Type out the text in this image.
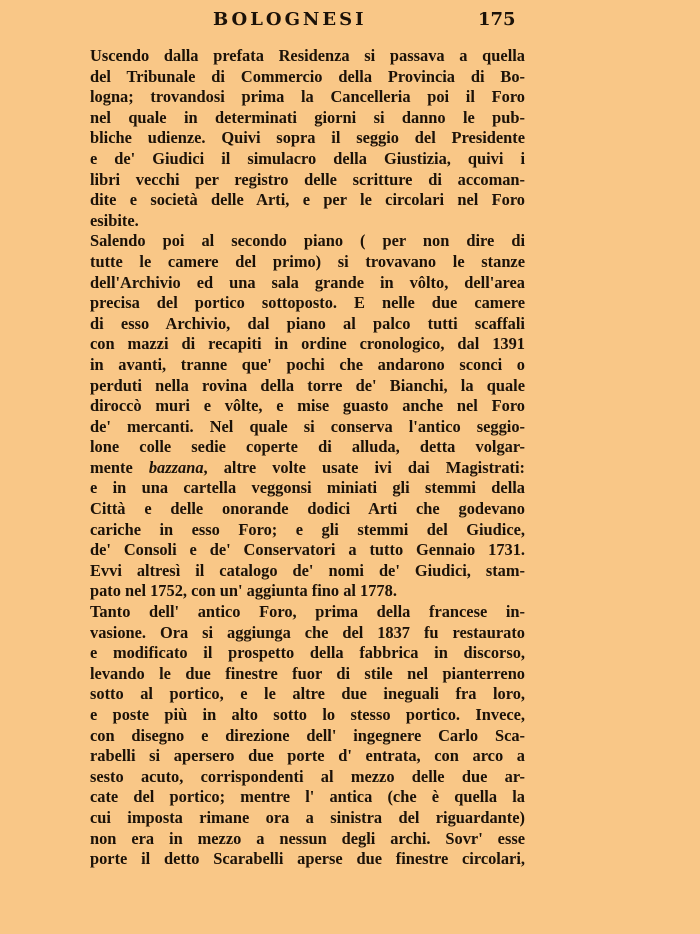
BOLOGNESI	175
Uscendo dalla prefata Residenza si passava a quella
del Tribunale di Commercio della Provincia di Bo-
logna; trovandosi prima la Cancelleria poi il Foro
nel quale in determinati giorni si danno le pub-
bliche udienze. Quivi sopra il seggio del Presidente
e de' Giudici il simulacro della Giustizia, quivi i
libri vecchi per registro delle scritture di accoman-
dite e società delle Arti, e per le circolari nel Foro
esibite.
Salendo poi al secondo piano ( per non dire di
tutte le camere del primo) si trovavano le stanze
dell'Archivio ed una sala grande in vôlto, dell'area
precisa del portico sottoposto. E nelle due camere
di esso Archivio, dal piano al palco tutti scaffali
con mazzi di recapiti in ordine cronologico, dal 1391
in avanti, tranne que' pochi che andarono sconci o
perduti nella rovina della torre de' Bianchi, la quale
diroccò muri e vôlte, e mise guasto anche nel Foro
de' mercanti. Nel quale si conserva l'antico seggio-
lone colle sedie coperte di alluda, detta volgar-
mente bazzana, altre volte usate ivi dai Magistrati:
e in una cartella veggonsi miniati gli stemmi della
Città e delle onorande dodici Arti che godevano
cariche in esso Foro; e gli stemmi del Giudice,
de' Consoli e de' Conservatori a tutto Gennaio 1731.
Evvi altresì il catalogo de' nomi de' Giudici, stam-
pato nel 1752, con un' aggiunta fino al 1778.
Tanto dell' antico Foro, prima della francese in-
vasione. Ora si aggiunga che del 1837 fu restaurato
e modificato il prospetto della fabbrica in discorso,
levando le due finestre fuor di stile nel pianterreno
sotto al portico, e le altre due ineguali fra loro,
e poste più in alto sotto lo stesso portico. Invece,
con disegno e direzione dell' ingegnere Carlo Sca-
rabelli si apersero due porte d' entrata, con arco a
sesto acuto, corrispondenti al mezzo delle due ar-
cate del portico; mentre l' antica (che è quella la
cui imposta rimane ora a sinistra del riguardante)
non era in mezzo a nessun degli archi. Sovr' esse
porte il detto Scarabelli aperse due finestre circolari,
